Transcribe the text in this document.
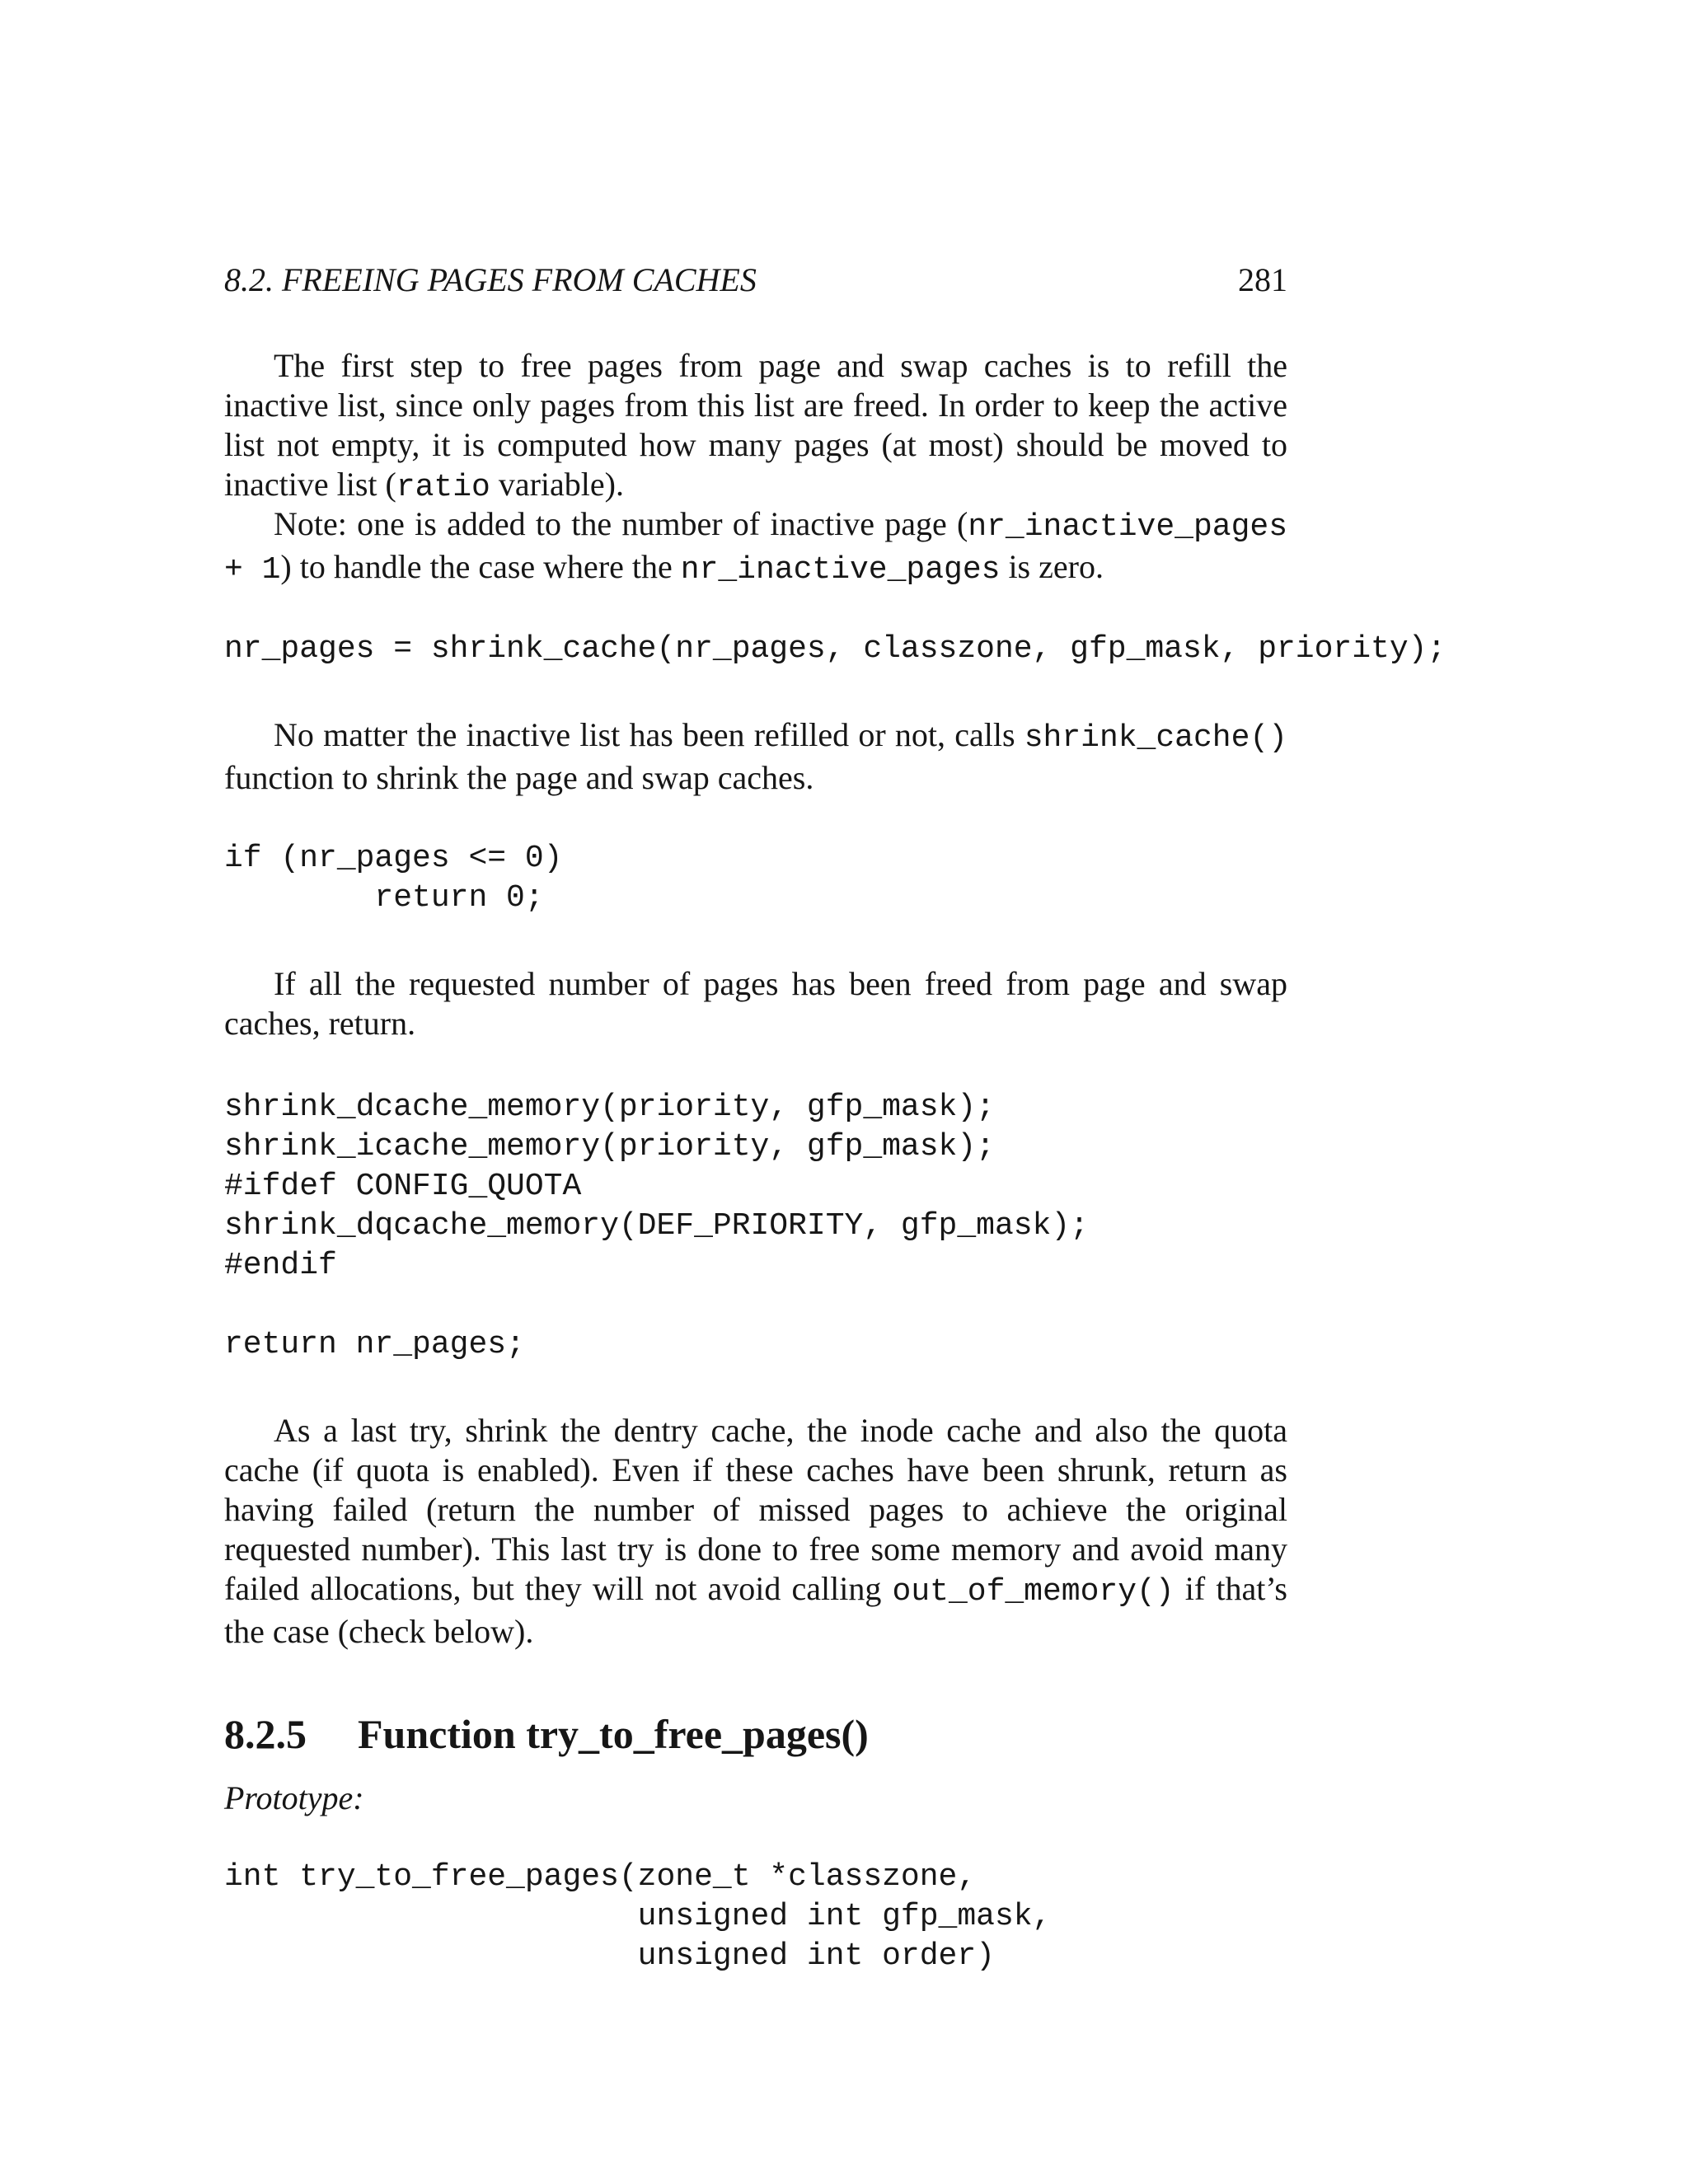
8.2. FREEING PAGES FROM CACHES	281

The first step to free pages from page and swap caches is to refill the inactive list, since only pages from this list are freed. In order to keep the active list not empty, it is computed how many pages (at most) should be moved to inactive list (ratio variable).

Note: one is added to the number of inactive page (nr_inactive_pages + 1) to handle the case where the nr_inactive_pages is zero.

nr_pages = shrink_cache(nr_pages, classzone, gfp_mask, priority);

No matter the inactive list has been refilled or not, calls shrink_cache() function to shrink the page and swap caches.

if (nr_pages <= 0)
return 0;

If all the requested number of pages has been freed from page and swap caches, return.

shrink_dcache_memory(priority, gfp_mask);
shrink_icache_memory(priority, gfp_mask);
#ifdef CONFIG_QUOTA
shrink_dqcache_memory(DEF_PRIORITY, gfp_mask);
#endif

return nr_pages;

As a last try, shrink the dentry cache, the inode cache and also the quota cache (if quota is enabled). Even if these caches have been shrunk, return as having failed (return the number of missed pages to achieve the original requested number). This last try is done to free some memory and avoid many failed allocations, but they will not avoid calling out_of_memory() if that’s the case (check below).

8.2.5 Function try_to_free_pages()

Prototype:

int try_to_free_pages(zone_t *classzone,
unsigned int gfp_mask,
unsigned int order)
